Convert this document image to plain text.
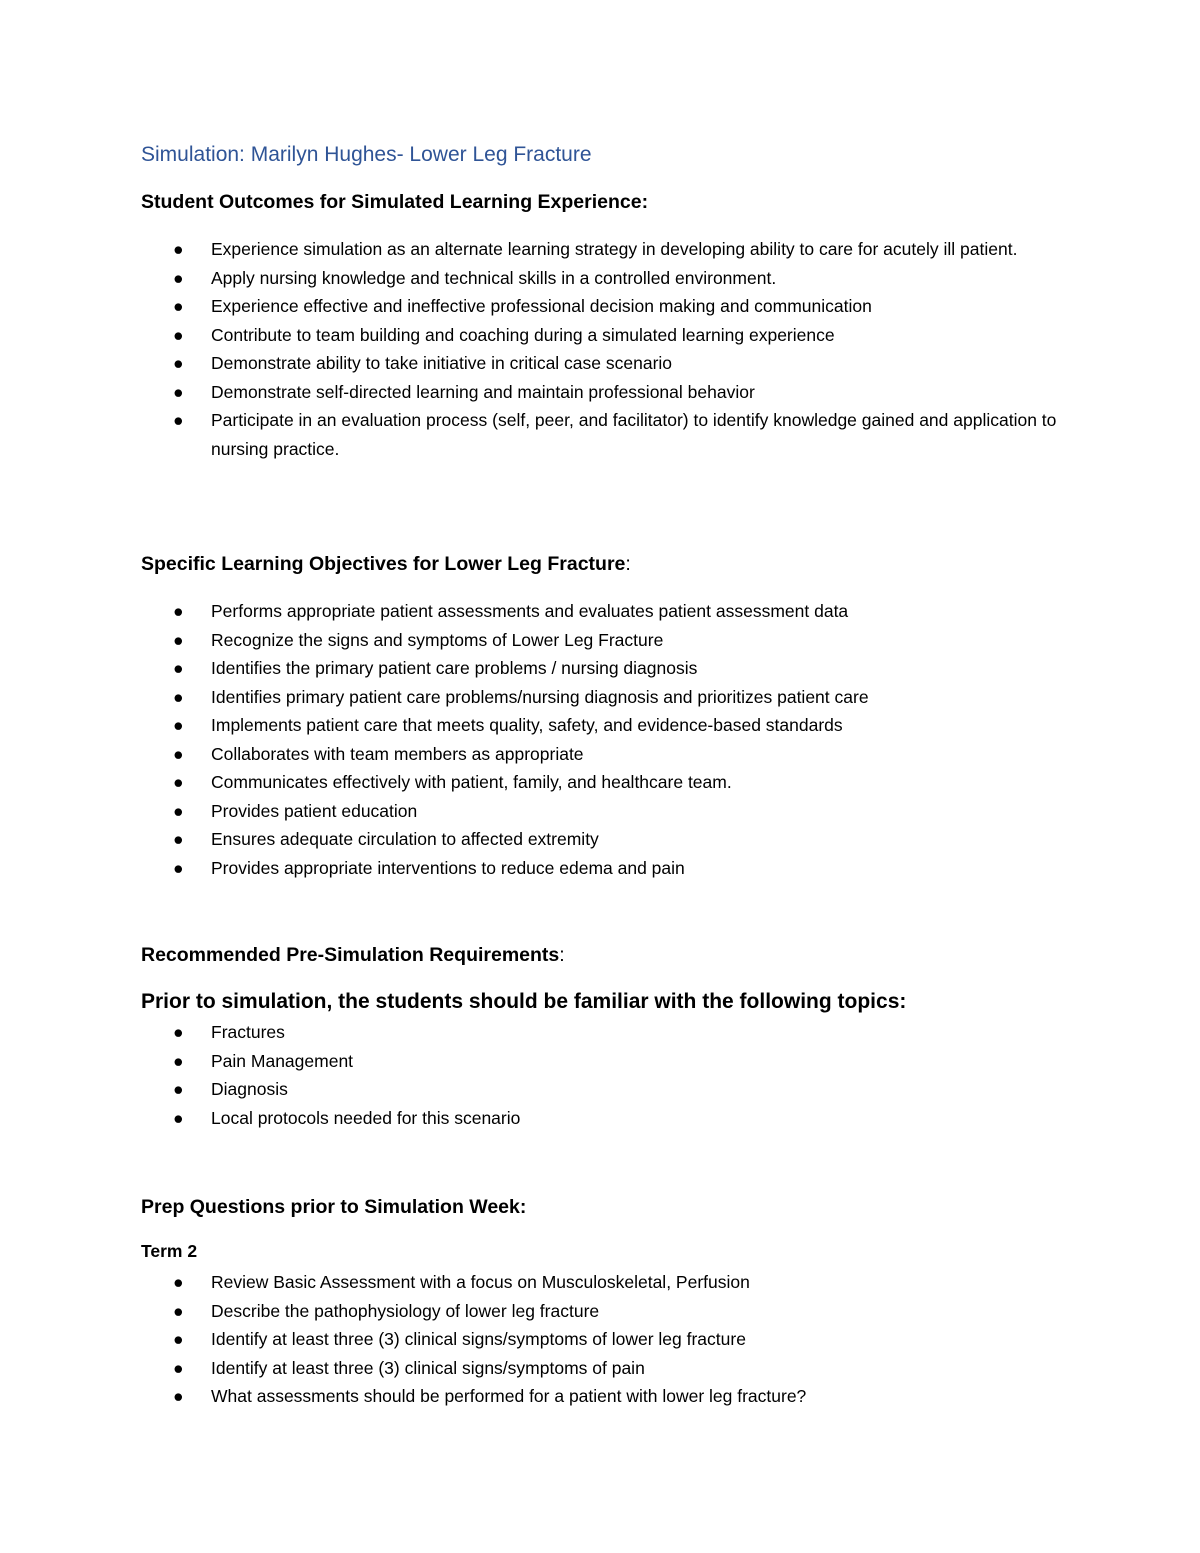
Simulation: Marilyn Hughes- Lower Leg Fracture
Student Outcomes for Simulated Learning Experience:
● Experience simulation as an alternate learning strategy in developing ability to care for acutely ill patient.
● Apply nursing knowledge and technical skills in a controlled environment.
● Experience effective and ineffective professional decision making and communication
● Contribute to team building and coaching during a simulated learning experience
● Demonstrate ability to take initiative in critical case scenario
● Demonstrate self-directed learning and maintain professional behavior
● Participate in an evaluation process (self, peer, and facilitator) to identify knowledge gained and application to nursing practice.
Specific Learning Objectives for Lower Leg Fracture:
● Performs appropriate patient assessments and evaluates patient assessment data
● Recognize the signs and symptoms of Lower Leg Fracture
● Identifies the primary patient care problems / nursing diagnosis
● Identifies primary patient care problems/nursing diagnosis and prioritizes patient care
● Implements patient care that meets quality, safety, and evidence-based standards
● Collaborates with team members as appropriate
● Communicates effectively with patient, family, and healthcare team.
● Provides patient education
● Ensures adequate circulation to affected extremity
● Provides appropriate interventions to reduce edema and pain
Recommended Pre-Simulation Requirements:
Prior to simulation, the students should be familiar with the following topics:
● Fractures
● Pain Management
● Diagnosis
● Local protocols needed for this scenario
Prep Questions prior to Simulation Week:
Term 2
● Review Basic Assessment with a focus on Musculoskeletal, Perfusion
● Describe the pathophysiology of lower leg fracture
● Identify at least three (3) clinical signs/symptoms of lower leg fracture
● Identify at least three (3) clinical signs/symptoms of pain
● What assessments should be performed for a patient with lower leg fracture?
